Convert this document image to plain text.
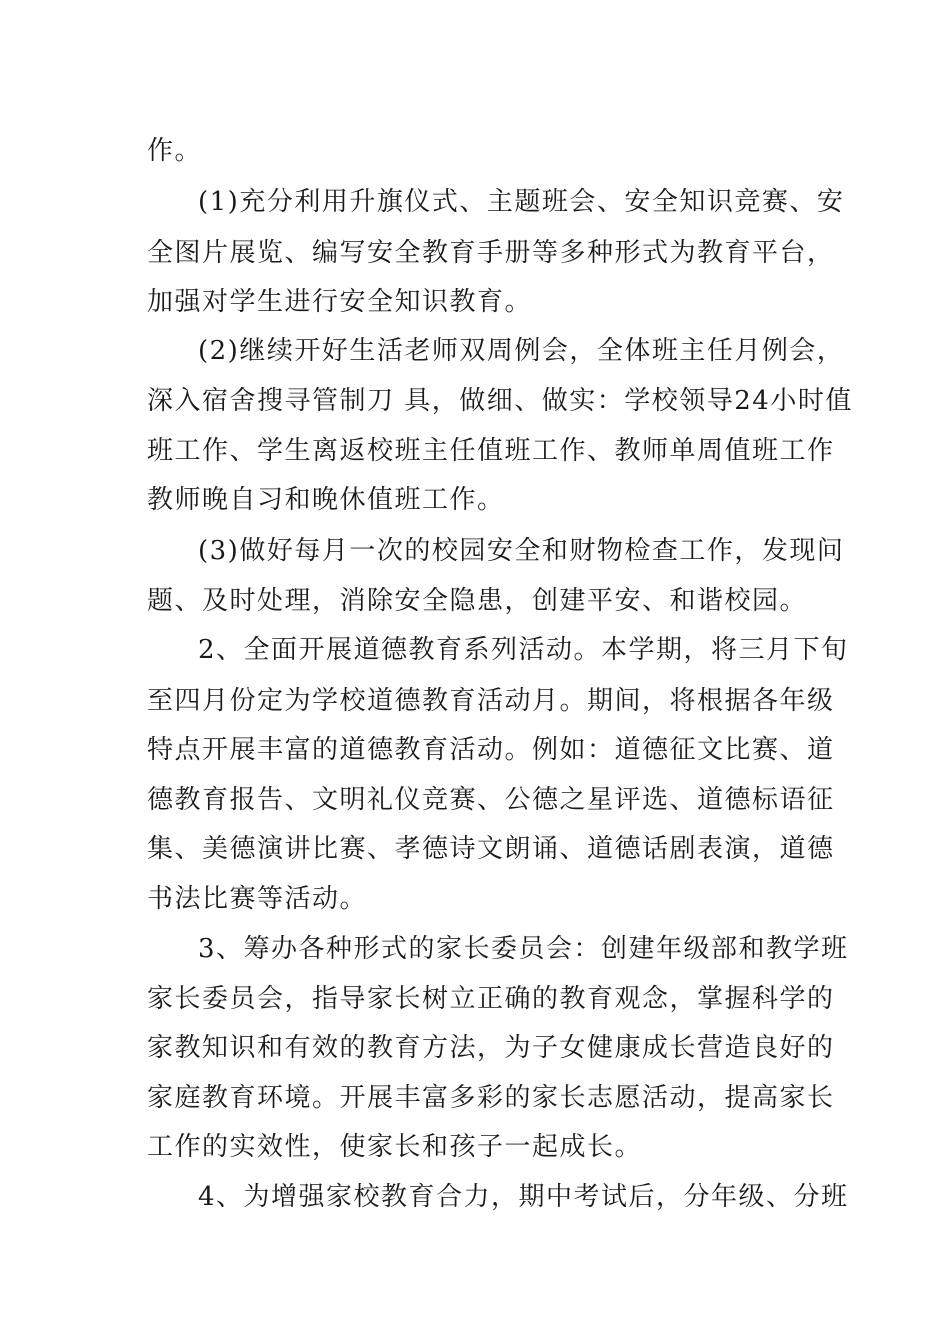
作。
(1)充分利用升旗仪式、主题班会、安全知识竞赛、安
全图片展览、编写安全教育手册等多种形式为教育平台，
加强对学生进行安全知识教育。
(2)继续开好生活老师双周例会，全体班主任月例会，
深入宿舍搜寻管制刀 具，做细、做实：学校领导24小时值
班工作、学生离返校班主任值班工作、教师单周值班工作
教师晚自习和晚休值班工作。
(3)做好每月一次的校园安全和财物检查工作，发现问
题、及时处理，消除安全隐患，创建平安、和谐校园。
2、全面开展道德教育系列活动。本学期，将三月下旬
至四月份定为学校道德教育活动月。期间，将根据各年级
特点开展丰富的道德教育活动。例如：道德征文比赛、道
德教育报告、文明礼仪竞赛、公德之星评选、道德标语征
集、美德演讲比赛、孝德诗文朗诵、道德话剧表演，道德
书法比赛等活动。
3、筹办各种形式的家长委员会：创建年级部和教学班
家长委员会，指导家长树立正确的教育观念，掌握科学的
家教知识和有效的教育方法，为子女健康成长营造良好的
家庭教育环境。开展丰富多彩的家长志愿活动，提高家长
工作的实效性，使家长和孩子一起成长。
4、为增强家校教育合力，期中考试后，分年级、分班
